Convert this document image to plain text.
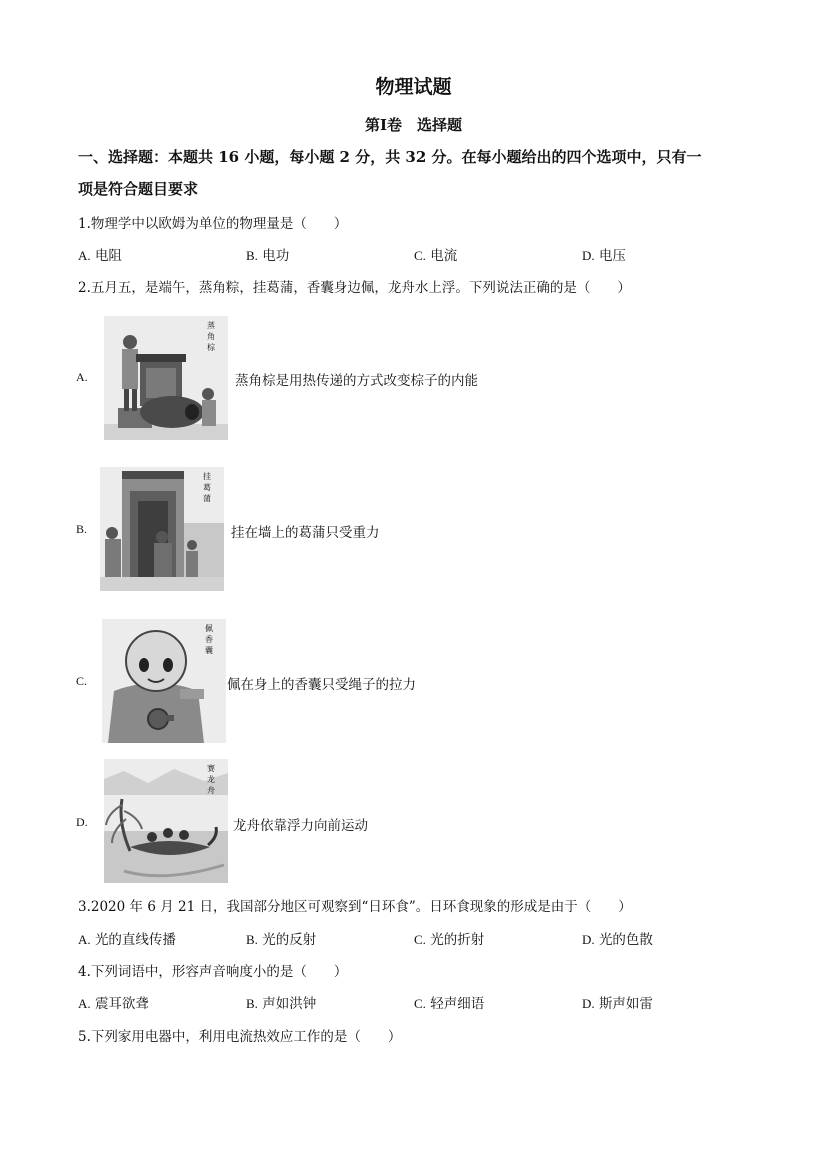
物理试题
第Ⅰ卷　选择题
一、选择题：本题共 16 小题，每小题 2 分，共 32 分。在每小题给出的四个选项中，只有一
项是符合题目要求
1.物理学中以欧姆为单位的物理量是（　　）
A. 电阻	B. 电功	C. 电流	D. 电压
2.五月五，是端午，蒸角粽，挂葛蒲，香囊身边佩，龙舟水上浮。下列说法正确的是（　　）
A.
蒸角棕
蒸角棕是用热传递的方式改变棕子的内能
B.
挂葛蒲
挂在墙上的葛蒲只受重力
C.
佩香囊
佩在身上的香囊只受绳子的拉力
D.
赛龙舟
龙舟依靠浮力向前运动
3.2020 年 6 月 21 日，我国部分地区可观察到“日环食”。日环食现象的形成是由于（　　）
A. 光的直线传播	B. 光的反射	C. 光的折射	D. 光的色散
4.下列词语中，形容声音响度小的是（　　）
A. 震耳欲聋	B. 声如洪钟	C. 轻声细语	D. 斯声如雷
5.下列家用电器中，利用电流热效应工作的是（　　）
